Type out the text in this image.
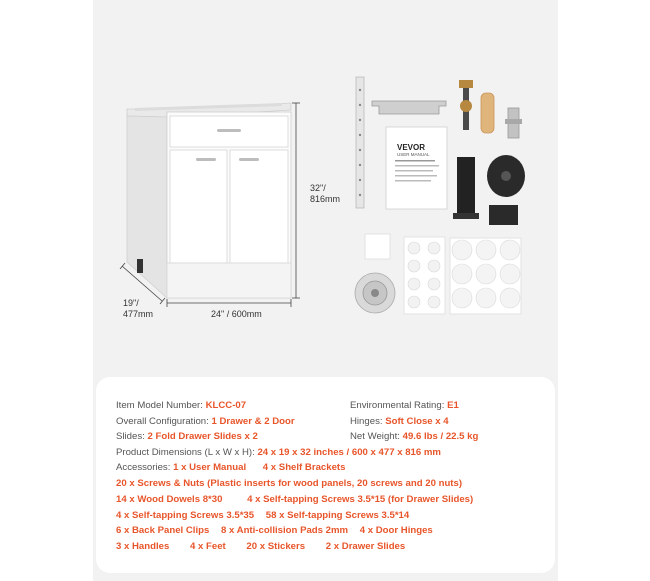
32"/
816mm
19"/
477mm	24" / 600mm
VEVOR
USER MANUAL
Item Model Number: KLCC-07	Environmental Rating: E1
Overall Configuration: 1 Drawer & 2 Door	Hinges: Soft Close x 4
Slides: 2 Fold Drawer Slides x 2	Net Weight: 49.6 lbs / 22.5 kg
Product Dimensions (L x W x H): 24 x 19 x 32 inches / 600 x 477 x 816 mm
Accessories: 1 x User Manual 4 x Shelf Brackets
20 x Screws & Nuts (Plastic inserts for wood panels, 20 screws and 20 nuts)
14 x Wood Dowels 8*30	4 x Self-tapping Screws 3.5*15 (for Drawer Slides)
4 x Self-tapping Screws 3.5*35 58 x Self-tapping Screws 3.5*14
6 x Back Panel Clips 8 x Anti-collision Pads 2mm 4 x Door Hinges
3 x Handles 4 x Feet 20 x Stickers 2 x Drawer Slides
